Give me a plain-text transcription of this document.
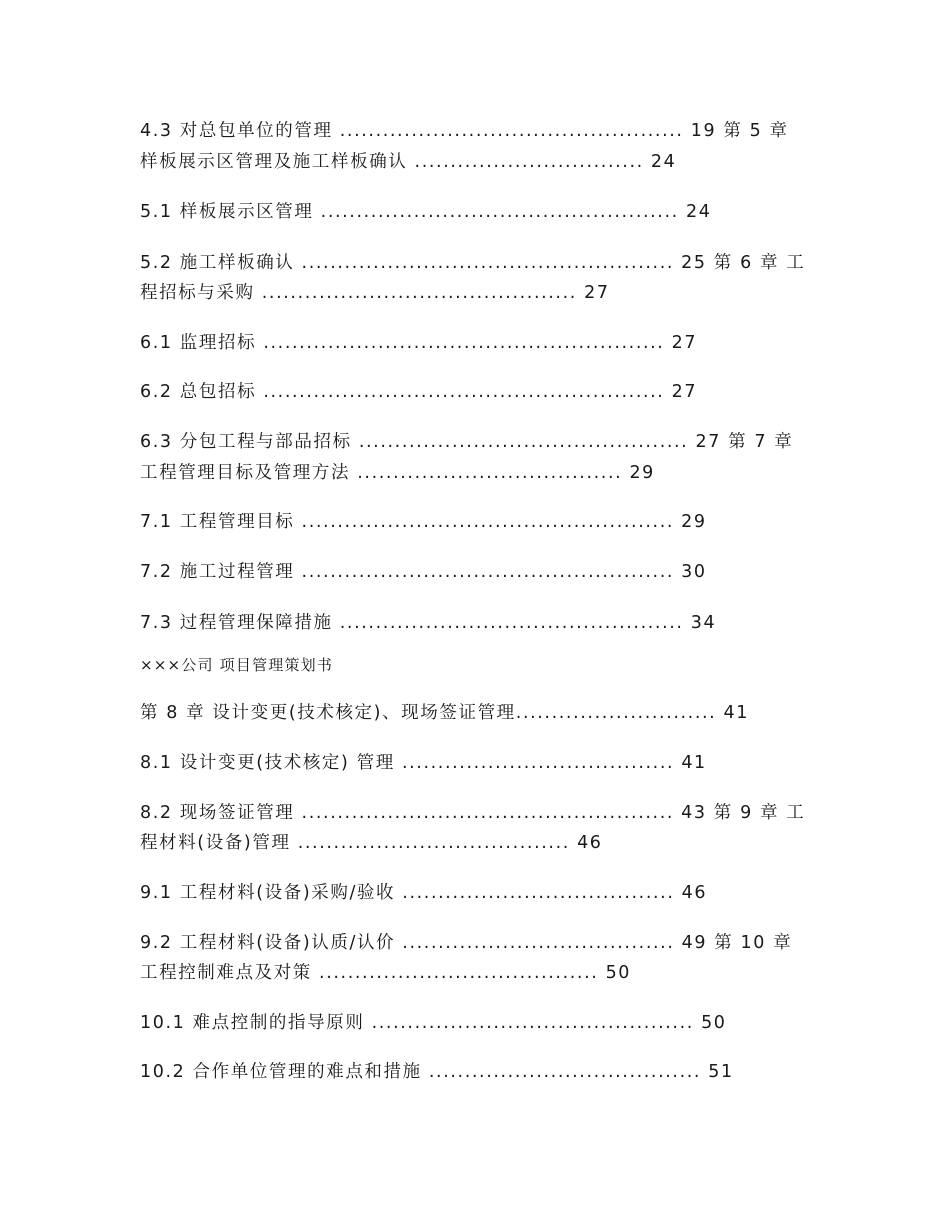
4.3 对总包单位的管理 ................................................ 19 第 5 章
样板展示区管理及施工样板确认 ................................ 24
5.1 样板展示区管理 .................................................. 24
5.2 施工样板确认 .................................................... 25 第 6 章 工
程招标与采购 ............................................ 27
6.1 监理招标 ........................................................ 27
6.2 总包招标 ........................................................ 27
6.3 分包工程与部品招标 .............................................. 27 第 7 章
工程管理目标及管理方法 ..................................... 29
7.1 工程管理目标 .................................................... 29
7.2 施工过程管理 .................................................... 30
7.3 过程管理保障措施 ................................................ 34
×××公司 项目管理策划书
第 8 章 设计变更(技术核定)、现场签证管理............................ 41
8.1 设计变更(技术核定) 管理 ...................................... 41
8.2 现场签证管理 .................................................... 43 第 9 章 工
程材料(设备)管理 ...................................... 46
9.1 工程材料(设备)采购/验收 ...................................... 46
9.2 工程材料(设备)认质/认价 ...................................... 49 第 10 章
工程控制难点及对策 ....................................... 50
10.1 难点控制的指导原则 ............................................. 50
10.2 合作单位管理的难点和措施 ...................................... 51
